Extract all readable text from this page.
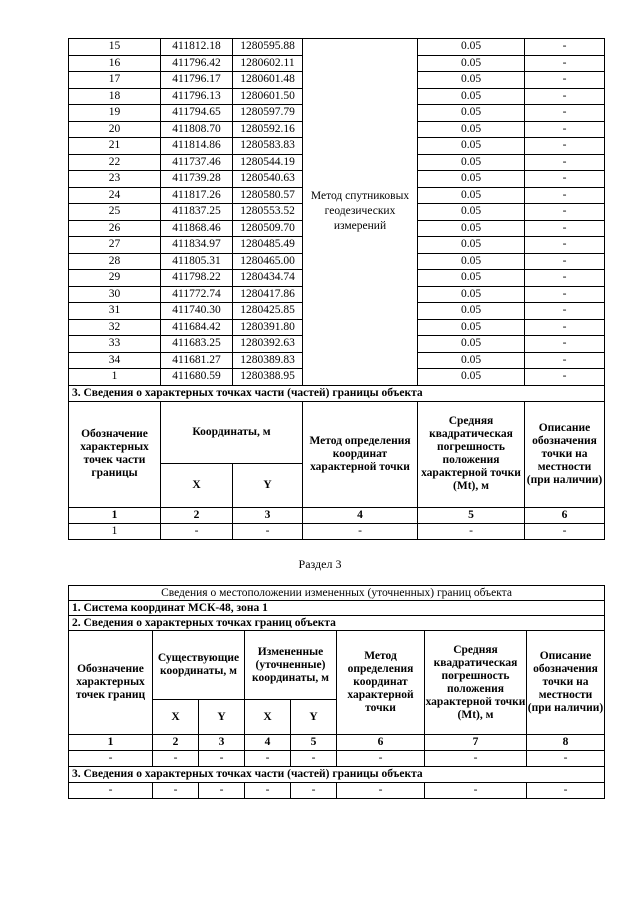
15	411812.18	1280595.88	Метод спутниковых геодезических измерений	0.05	-
16	411796.42	1280602.11		0.05	-
17	411796.17	1280601.48		0.05	-
18	411796.13	1280601.50		0.05	-
19	411794.65	1280597.79		0.05	-
20	411808.70	1280592.16		0.05	-
21	411814.86	1280583.83		0.05	-
22	411737.46	1280544.19		0.05	-
23	411739.28	1280540.63		0.05	-
24	411817.26	1280580.57		0.05	-
25	411837.25	1280553.52		0.05	-
26	411868.46	1280509.70		0.05	-
27	411834.97	1280485.49		0.05	-
28	411805.31	1280465.00		0.05	-
29	411798.22	1280434.74		0.05	-
30	411772.74	1280417.86		0.05	-
31	411740.30	1280425.85		0.05	-
32	411684.42	1280391.80		0.05	-
33	411683.25	1280392.63		0.05	-
34	411681.27	1280389.83		0.05	-
1	411680.59	1280388.95		0.05	-
3. Сведения о характерных точках части (частей) границы объекта					
Обозначение характерных точек части границы	Координаты, м		Метод определения координат характерной точки	Средняя квадратическая погрешность положения характерной точки (Mt), м	Описание обозначения точки на местности (при наличии)
	X	Y			
1	2	3	4	5	6
1	-	-	-	-	-
Раздел 3
Сведения о местоположении измененных (уточненных) границ объекта							
1. Система координат МСК-48, зона 1							
2. Сведения о характерных точках границ объекта							
Обозначение характерных точек границ	Существующие координаты, м		Измененные (уточненные) координаты, м		Метод определения координат характерной точки	Средняя квадратическая погрешность положения характерной точки (Mt), м	Описание обозначения точки на местности (при наличии)
	X	Y	X	Y			
1	2	3	4	5	6	7	8
-	-	-	-	-	-	-	-
3. Сведения о характерных точках части (частей) границы объекта							
-	-	-	-	-	-	-	-
